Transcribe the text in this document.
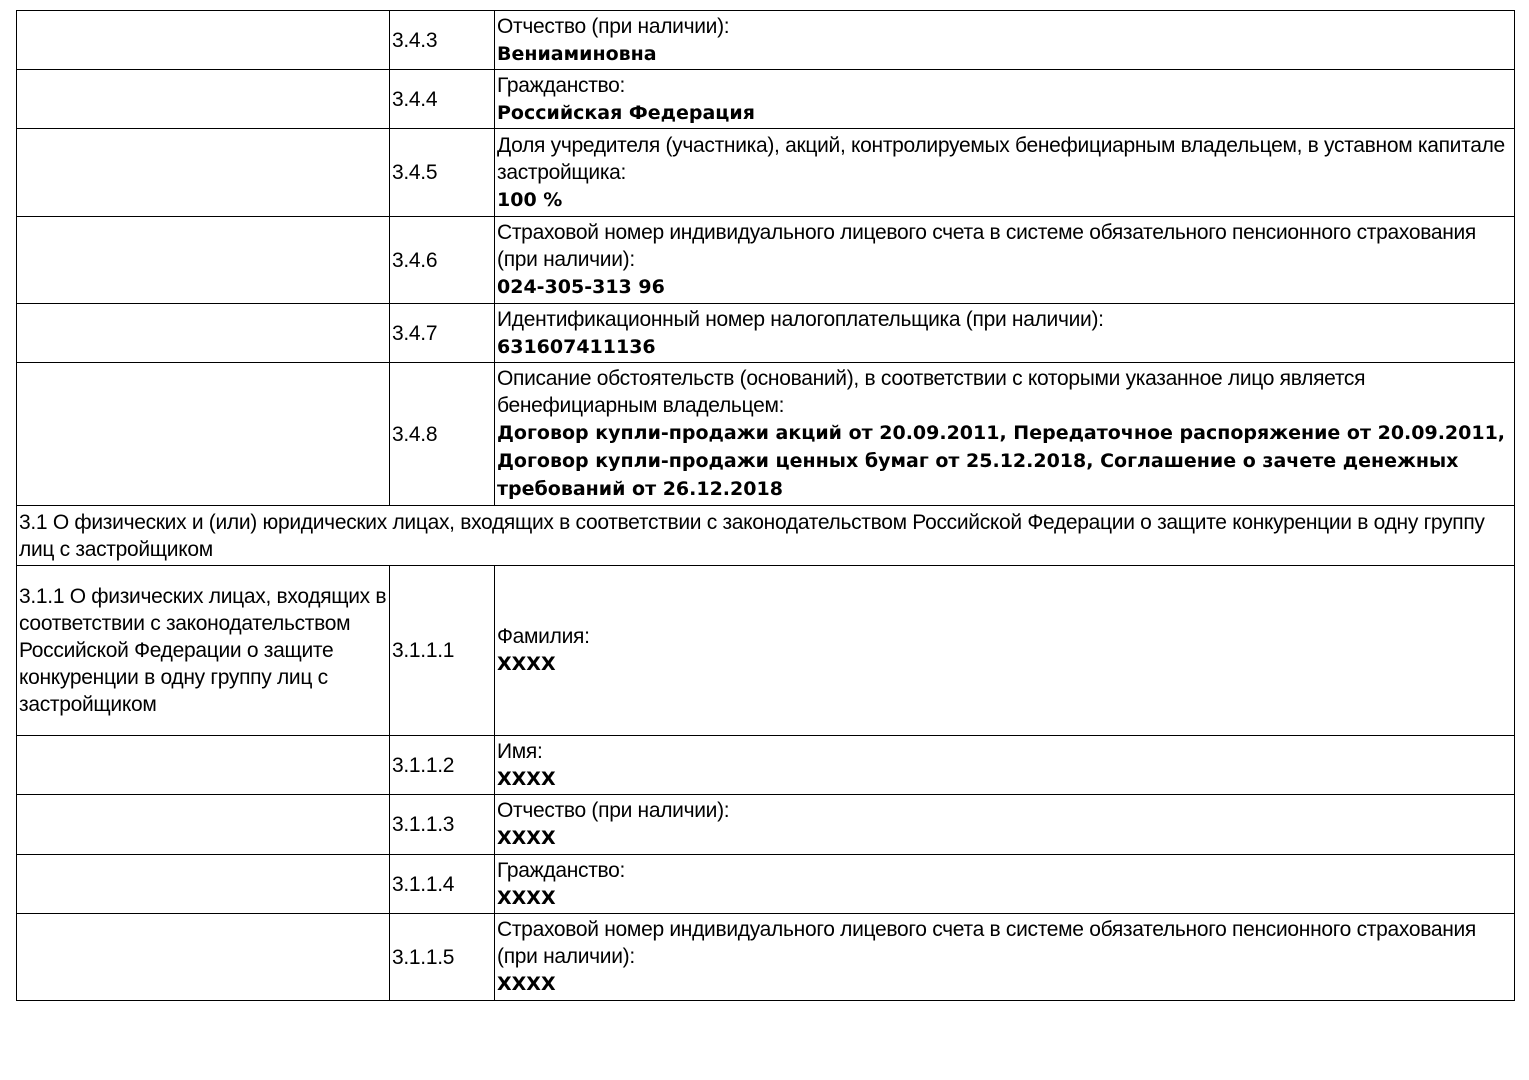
	3.4.3	Отчество (при наличии):
Вениаминовна
	3.4.4	Гражданство:
Российская Федерация
	3.4.5	Доля учредителя (участника), акций, контролируемых бенефициарным владельцем, в уставном капитале застройщика:
100 %
	3.4.6	Страховой номер индивидуального лицевого счета в системе обязательного пенсионного страхования (при наличии):
024-305-313 96
	3.4.7	Идентификационный номер налогоплательщика (при наличии):
631607411136
	3.4.8	Описание обстоятельств (оснований), в соответствии с которыми указанное лицо является бенефициарным владельцем:
Договор купли-продажи акций от 20.09.2011, Передаточное распоряжение от 20.09.2011, Договор купли-продажи ценных бумаг от 25.12.2018, Соглашение о зачете денежных требований от 26.12.2018
3.1 О физических и (или) юридических лицах, входящих в соответствии с законодательством Российской Федерации о защите конкуренции в одну группу лиц с застройщиком		
3.1.1 О физических лицах, входящих в соответствии с законодательством Российской Федерации о защите конкуренции в одну группу лиц с застройщиком	3.1.1.1	Фамилия:
XXXX
	3.1.1.2	Имя:
XXXX
	3.1.1.3	Отчество (при наличии):
XXXX
	3.1.1.4	Гражданство:
XXXX
	3.1.1.5	Страховой номер индивидуального лицевого счета в системе обязательного пенсионного страхования (при наличии):
XXXX
